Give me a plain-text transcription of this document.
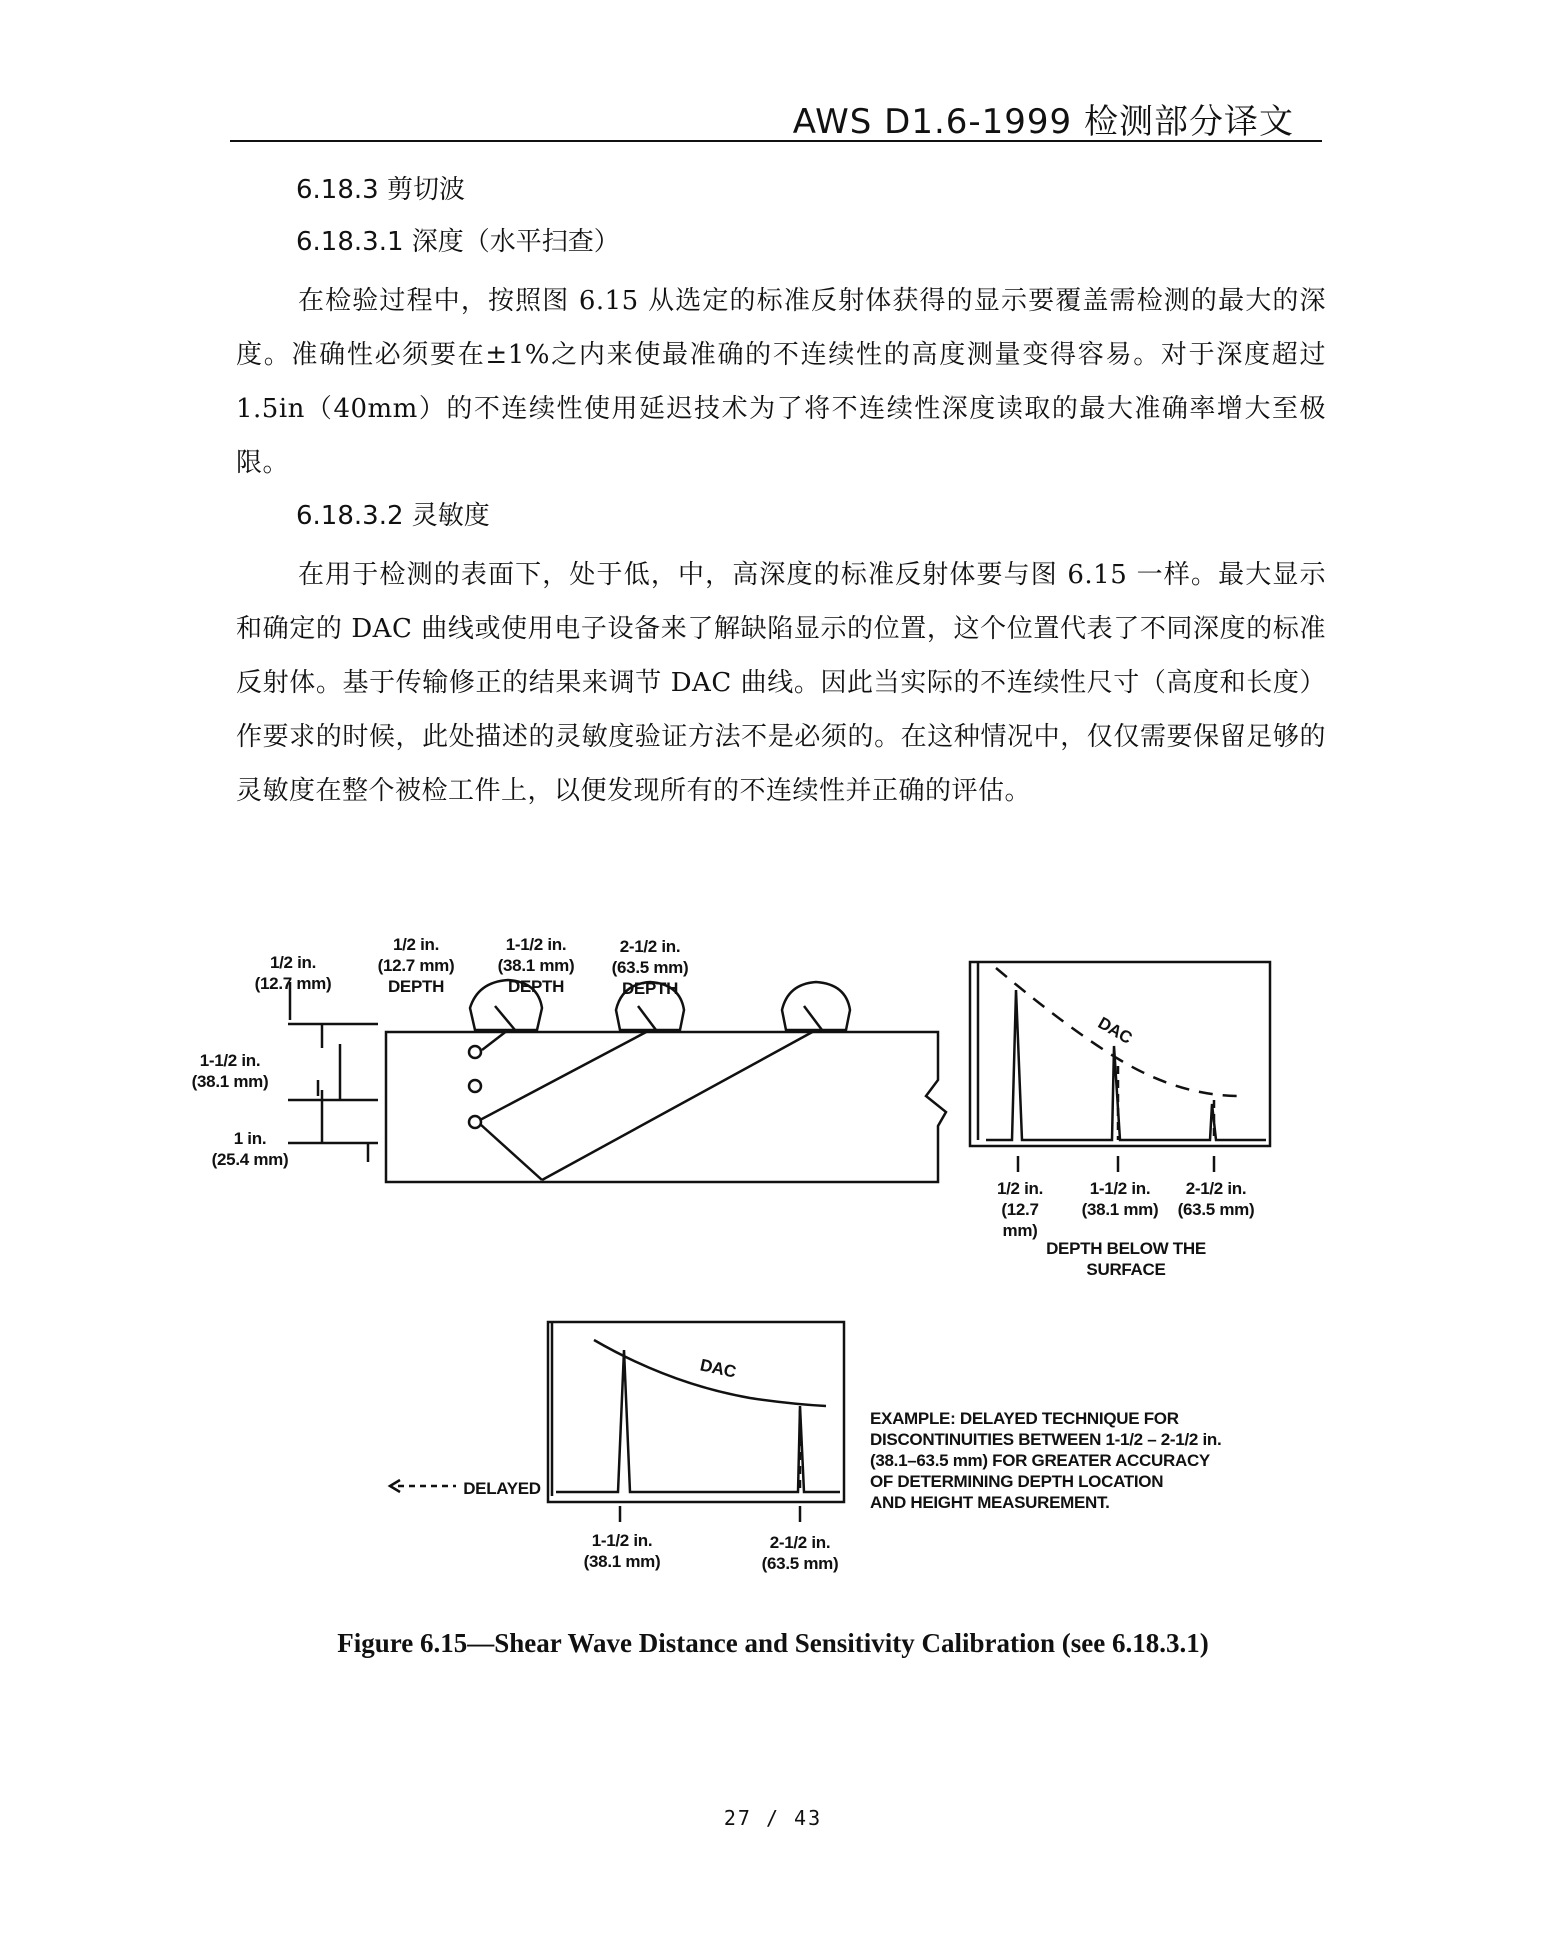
AWS D1.6-1999 检测部分译文
6.18.3 剪切波
6.18.3.1 深度（水平扫查）
在检验过程中，按照图 6.15 从选定的标准反射体获得的显示要覆盖需检测的最大的深度。准确性必须要在±1%之内来使最准确的不连续性的高度测量变得容易。对于深度超过 1.5in（40mm）的不连续性使用延迟技术为了将不连续性深度读取的最大准确率增大至极限。
6.18.3.2 灵敏度
在用于检测的表面下，处于低，中，高深度的标准反射体要与图 6.15 一样。最大显示和确定的 DAC 曲线或使用电子设备来了解缺陷显示的位置，这个位置代表了不同深度的标准反射体。基于传输修正的结果来调节 DAC 曲线。因此当实际的不连续性尺寸（高度和长度）作要求的时候，此处描述的灵敏度验证方法不是必须的。在这种情况中，仅仅需要保留足够的灵敏度在整个被检工件上，以便发现所有的不连续性并正确的评估。
1/2 in.
(12.7 mm)
DEPTH
1-1/2 in.
(38.1 mm)
DEPTH
2-1/2 in.
(63.5 mm)
DEPTH
1/2 in.
(12.7 mm)
1-1/2 in.
(38.1 mm)
1 in.
(25.4 mm)
DAC
1/2 in.
(12.7 mm)
1-1/2 in.
(38.1 mm)
2-1/2 in.
(63.5 mm)
DEPTH BELOW THE SURFACE
DAC
EXAMPLE: DELAYED TECHNIQUE FOR
DISCONTINUITIES BETWEEN 1-1/2 – 2-1/2 in.
(38.1–63.5 mm) FOR GREATER ACCURACY
OF DETERMINING DEPTH LOCATION
AND HEIGHT MEASUREMENT.
DELAYED
1-1/2 in.
(38.1 mm)
2-1/2 in.
(63.5 mm)
Figure 6.15—Shear Wave Distance and Sensitivity Calibration (see 6.18.3.1)
27 / 43
